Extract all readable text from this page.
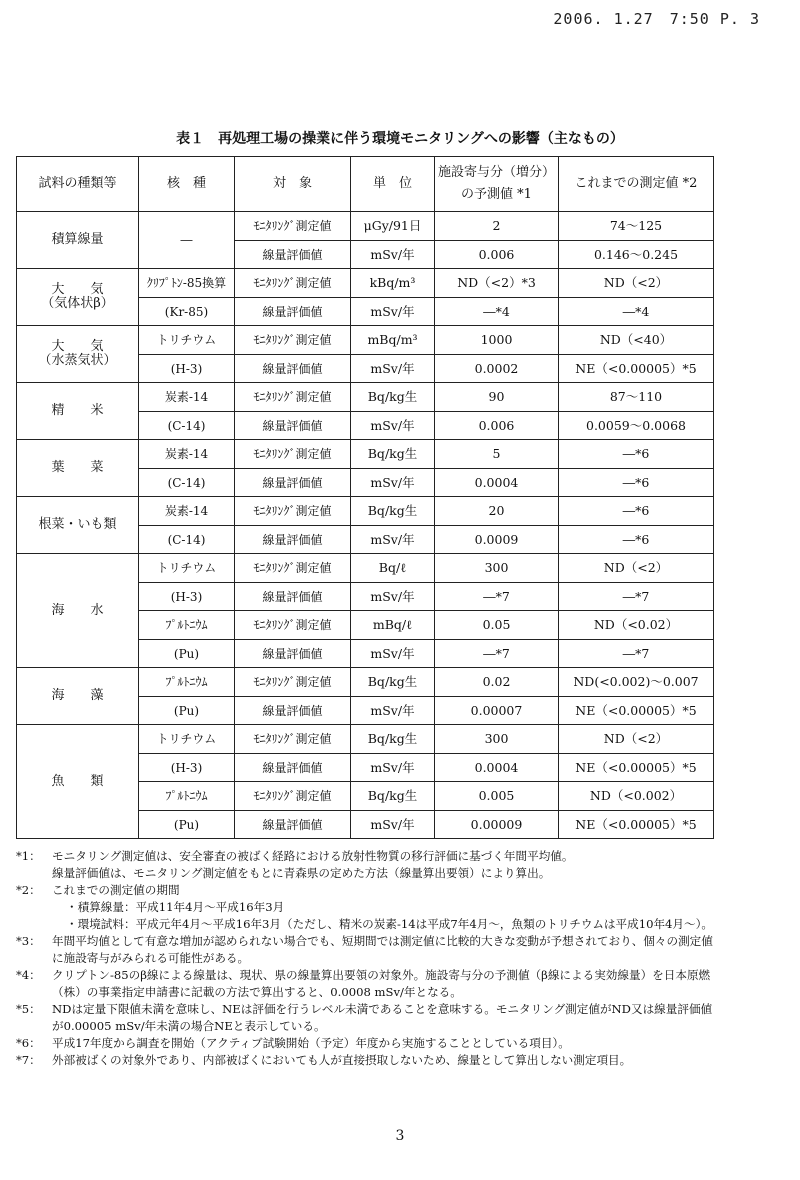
2006. 1.27　7:50 P. 3
表１　再処理工場の操業に伴う環境モニタリングへの影響（主なもの）
試料の種類等	核　種	対　象	単　位	施設寄与分（増分）
の予測値 *1	これまでの測定値 *2

積算線量	―	ﾓﾆﾀﾘﾝｸﾞ測定値	μGy/91日	2	74～125
		線量評価値	mSv/年	0.006	0.146～0.245

大　　気
（気体状β）	ｸﾘﾌﾟﾄﾝ-85換算	ﾓﾆﾀﾘﾝｸﾞ測定値	kBq/m³	ND（<2）*3	ND（<2）
	(Kr-85)	線量評価値	mSv/年	―*4	―*4

大　　気
（水蒸気状）	トリチウム	ﾓﾆﾀﾘﾝｸﾞ測定値	mBq/m³	1000	ND（<40）
	(H-3)	線量評価値	mSv/年	0.0002	NE（<0.00005）*5

精　　米	炭素-14	ﾓﾆﾀﾘﾝｸﾞ測定値	Bq/kg生	90	87～110
	(C-14)	線量評価値	mSv/年	0.006	0.0059～0.0068

葉　　菜	炭素-14	ﾓﾆﾀﾘﾝｸﾞ測定値	Bq/kg生	5	―*6
	(C-14)	線量評価値	mSv/年	0.0004	―*6

根菜・いも類	炭素-14	ﾓﾆﾀﾘﾝｸﾞ測定値	Bq/kg生	20	―*6
	(C-14)	線量評価値	mSv/年	0.0009	―*6

海　　水	トリチウム	ﾓﾆﾀﾘﾝｸﾞ測定値	Bq/ℓ	300	ND（<2）
	(H-3)	線量評価値	mSv/年	―*7	―*7
	ﾌﾟﾙﾄﾆｳﾑ	ﾓﾆﾀﾘﾝｸﾞ測定値	mBq/ℓ	0.05	ND（<0.02）
	(Pu)	線量評価値	mSv/年	―*7	―*7

海　　藻	ﾌﾟﾙﾄﾆｳﾑ	ﾓﾆﾀﾘﾝｸﾞ測定値	Bq/kg生	0.02	ND(<0.002)～0.007
	(Pu)	線量評価値	mSv/年	0.00007	NE（<0.00005）*5

魚　　類	トリチウム	ﾓﾆﾀﾘﾝｸﾞ測定値	Bq/kg生	300	ND（<2）
	(H-3)	線量評価値	mSv/年	0.0004	NE（<0.00005）*5
	ﾌﾟﾙﾄﾆｳﾑ	ﾓﾆﾀﾘﾝｸﾞ測定値	Bq/kg生	0.005	ND（<0.002）
	(Pu)	線量評価値	mSv/年	0.00009	NE（<0.00005）*5
*1： モニタリング測定値は、安全審査の被ばく経路における放射性物質の移行評価に基づく年間平均値。
線量評価値は、モニタリング測定値をもとに青森県の定めた方法（線量算出要領）により算出。
*2： これまでの測定値の期間
・積算線量：平成11年4月～平成16年3月
・環境試料：平成元年4月～平成16年3月（ただし、精米の炭素-14は平成7年4月～，魚類のトリチウムは平成10年4月～）。
*3： 年間平均値として有意な増加が認められない場合でも、短期間では測定値に比較的大きな変動が予想されており、個々の測定値に施設寄与がみられる可能性がある。
*4： クリプトン-85のβ線による線量は、現状、県の線量算出要領の対象外。施設寄与分の予測値（β線による実効線量）を日本原燃（株）の事業指定申請書に記載の方法で算出すると、0.0008 mSv/年となる。
*5： NDは定量下限値未満を意味し、NEは評価を行うレベル未満であることを意味する。モニタリング測定値がND又は線量評価値が0.00005 mSv/年未満の場合NEと表示している。
*6： 平成17年度から調査を開始（アクティブ試験開始（予定）年度から実施することとしている項目）。
*7： 外部被ばくの対象外であり、内部被ばくにおいても人が直接摂取しないため、線量として算出しない測定項目。
3
